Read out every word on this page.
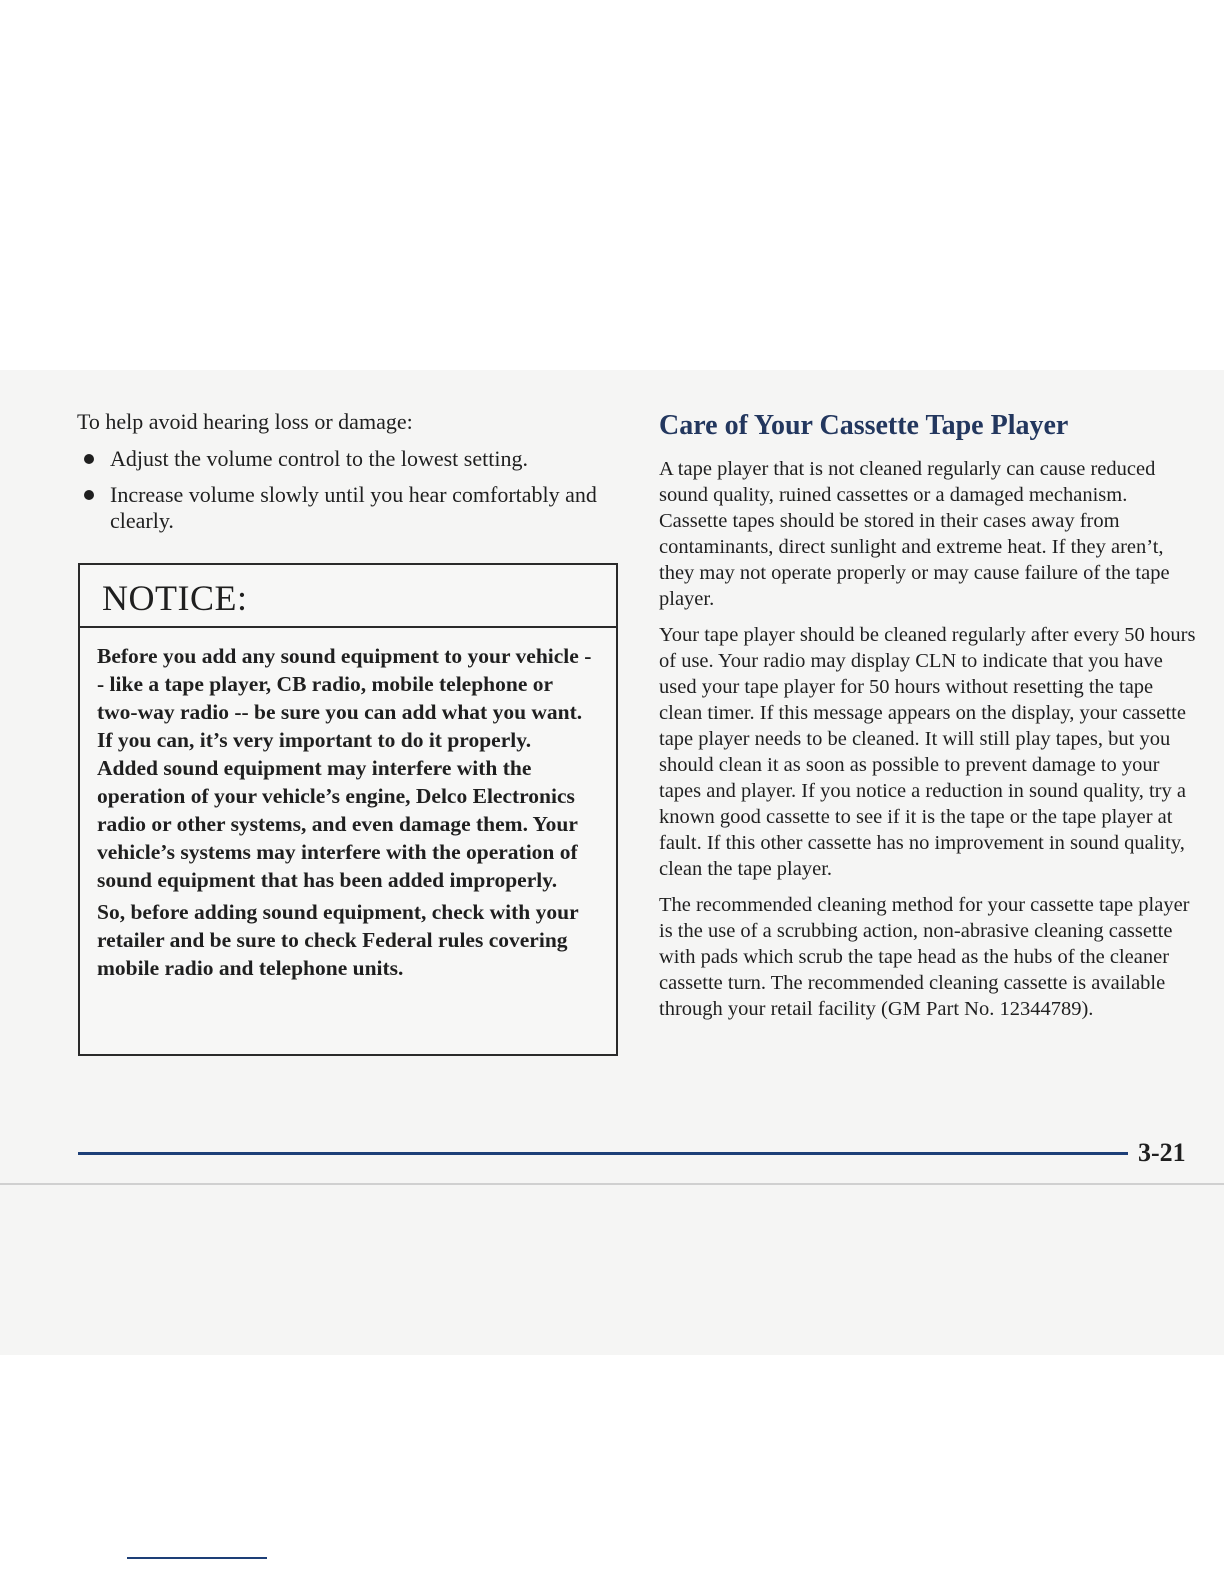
To help avoid hearing loss or damage:

Adjust the volume control to the lowest setting.
Increase volume slowly until you hear comfortably and clearly.
NOTICE:

Before you add any sound equipment to your vehicle -- like a tape player, CB radio, mobile telephone or two-way radio -- be sure you can add what you want. If you can, it’s very important to do it properly. Added sound equipment may interfere with the operation of your vehicle’s engine, Delco Electronics radio or other systems, and even damage them. Your vehicle’s systems may interfere with the operation of sound equipment that has been added improperly.

So, before adding sound equipment, check with your retailer and be sure to check Federal rules covering mobile radio and telephone units.

Care of Your Cassette Tape Player

A tape player that is not cleaned regularly can cause reduced sound quality, ruined cassettes or a damaged mechanism. Cassette tapes should be stored in their cases away from contaminants, direct sunlight and extreme heat. If they aren’t, they may not operate properly or may cause failure of the tape player.

Your tape player should be cleaned regularly after every 50 hours of use. Your radio may display CLN to indicate that you have used your tape player for 50 hours without resetting the tape clean timer. If this message appears on the display, your cassette tape player needs to be cleaned. It will still play tapes, but you should clean it as soon as possible to prevent damage to your tapes and player. If you notice a reduction in sound quality, try a known good cassette to see if it is the tape or the tape player at fault. If this other cassette has no improvement in sound quality, clean the tape player.

The recommended cleaning method for your cassette tape player is the use of a scrubbing action, non-abrasive cleaning cassette with pads which scrub the tape head as the hubs of the cleaner cassette turn. The recommended cleaning cassette is available through your retail facility (GM Part No. 12344789).

3-21
